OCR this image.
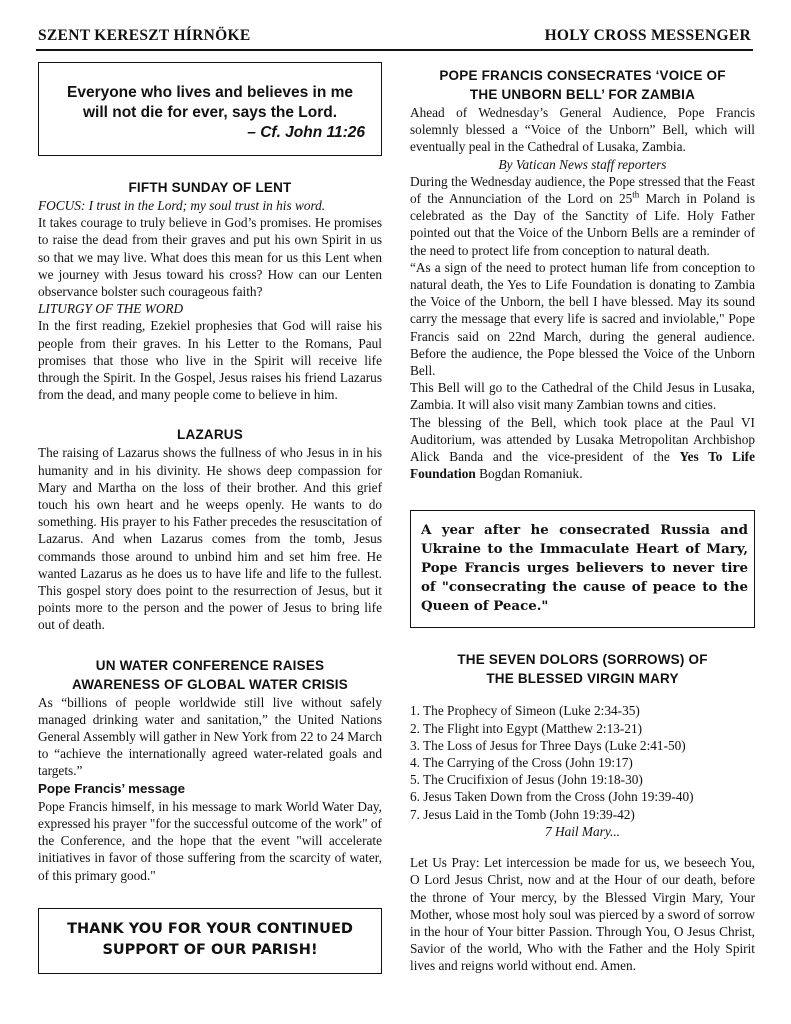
SZENT KERESZT HÍRNÖKE	HOLY CROSS MESSENGER
Everyone who lives and believes in me
will not die for ever, says the Lord.
– Cf. John 11:26
FIFTH SUNDAY OF LENT

FOCUS: I trust in the Lord; my soul trust in his word.

It takes courage to truly believe in God’s promises. He promises to raise the dead from their graves and put his own Spirit in us so that we may live. What does this mean for us this Lent when we journey with Jesus toward his cross? How can our Lenten observance bolster such courageous faith?

LITURGY OF THE WORD

In the first reading, Ezekiel prophesies that God will raise his people from their graves. In his Letter to the Romans, Paul promises that those who live in the Spirit will receive life through the Spirit. In the Gospel, Jesus raises his friend Lazarus from the dead, and many people come to believe in him.

LAZARUS

The raising of Lazarus shows the fullness of who Jesus in in his humanity and in his divinity. He shows deep compassion for Mary and Martha on the loss of their brother. And this grief touch his own heart and he weeps openly. He wants to do something. His prayer to his Father precedes the resuscitation of Lazarus. And when Lazarus comes from the tomb, Jesus commands those around to unbind him and set him free. He wanted Lazarus as he does us to have life and life to the fullest. This gospel story does point to the resurrection of Jesus, but it points more to the person and the power of Jesus to bring life out of death.

UN WATER CONFERENCE RAISES
AWARENESS OF GLOBAL WATER CRISIS

As “billions of people worldwide still live without safely managed drinking water and sanitation,” the United Nations General Assembly will gather in New York from 22 to 24 March to “achieve the internationally agreed water-related goals and targets.”

Pope Francis’ message

Pope Francis himself, in his message to mark World Water Day, expressed his prayer "for the successful outcome of the work" of the Conference, and the hope that the event "will accelerate initiatives in favor of those suffering from the scarcity of water, of this primary good."

THANK YOU FOR YOUR CONTINUED
SUPPORT OF OUR PARISH!
POPE FRANCIS CONSECRATES ‘VOICE OF
THE UNBORN BELL’ FOR ZAMBIA

Ahead of Wednesday’s General Audience, Pope Francis solemnly blessed a “Voice of the Unborn” Bell, which will eventually peal in the Cathedral of Lusaka, Zambia.

By Vatican News staff reporters

During the Wednesday audience, the Pope stressed that the Feast of the Annunciation of the Lord on 25th March in Poland is celebrated as the Day of the Sanctity of Life. Holy Father pointed out that the Voice of the Unborn Bells are a reminder of the need to protect life from conception to natural death.

“As a sign of the need to protect human life from conception to natural death, the Yes to Life Foundation is donating to Zambia the Voice of the Unborn, the bell I have blessed. May its sound carry the message that every life is sacred and inviolable," Pope Francis said on 22nd March, during the general audience. Before the audience, the Pope blessed the Voice of the Unborn Bell.

This Bell will go to the Cathedral of the Child Jesus in Lusaka, Zambia. It will also visit many Zambian towns and cities.

The blessing of the Bell, which took place at the Paul VI Auditorium, was attended by Lusaka Metropolitan Archbishop Alick Banda and the vice-president of the Yes To Life Foundation Bogdan Romaniuk.

A year after he consecrated Russia and Ukraine to the Immaculate Heart of Mary, Pope Francis urges believers to never tire of "consecrating the cause of peace to the Queen of Peace."
THE SEVEN DOLORS (SORROWS) OF
THE BLESSED VIRGIN MARY
1. The Prophecy of Simeon (Luke 2:34-35)
2. The Flight into Egypt (Matthew 2:13-21)
3. The Loss of Jesus for Three Days (Luke 2:41-50)
4. The Carrying of the Cross (John 19:17)
5. The Crucifixion of Jesus (John 19:18-30)
6. Jesus Taken Down from the Cross (John 19:39-40)
7. Jesus Laid in the Tomb (John 19:39-42)

7 Hail Mary...

Let Us Pray: Let intercession be made for us, we beseech You, O Lord Jesus Christ, now and at the Hour of our death, before the throne of Your mercy, by the Blessed Virgin Mary, Your Mother, whose most holy soul was pierced by a sword of sorrow in the hour of Your bitter Passion. Through You, O Jesus Christ, Savior of the world, Who with the Father and the Holy Spirit lives and reigns world without end. Amen.
